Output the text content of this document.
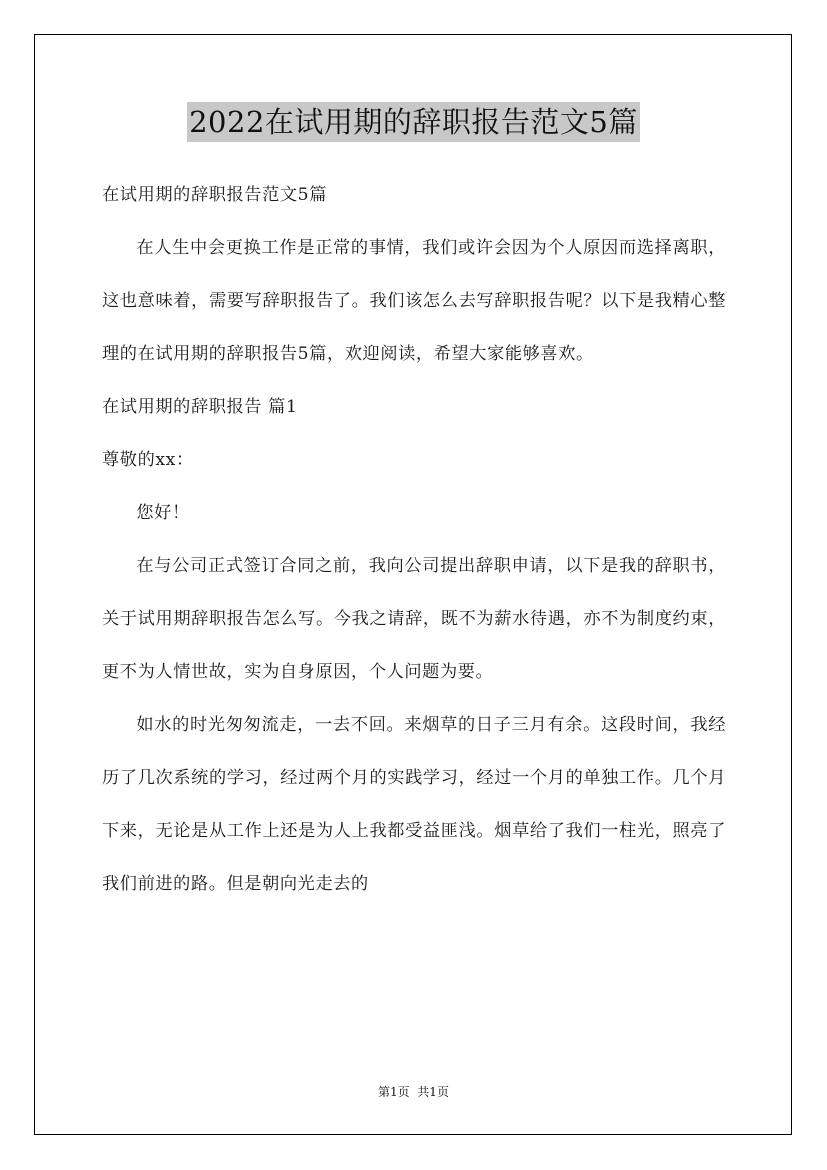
2022在试用期的辞职报告范文5篇

在试用期的辞职报告范文5篇

在人生中会更换工作是正常的事情，我们或许会因为个人原因而选择离职，这也意味着，需要写辞职报告了。我们该怎么去写辞职报告呢？以下是我精心整理的在试用期的辞职报告5篇，欢迎阅读，希望大家能够喜欢。

在试用期的辞职报告 篇1

尊敬的xx：

您好！

在与公司正式签订合同之前，我向公司提出辞职申请，以下是我的辞职书，关于试用期辞职报告怎么写。今我之请辞，既不为薪水待遇，亦不为制度约束，更不为人情世故，实为自身原因，个人问题为要。

如水的时光匆匆流走，一去不回。来烟草的日子三月有余。这段时间，我经历了几次系统的学习，经过两个月的实践学习，经过一个月的单独工作。几个月下来，无论是从工作上还是为人上我都受益匪浅。烟草给了我们一柱光，照亮了我们前进的路。但是朝向光走去的

第1页  共1页
